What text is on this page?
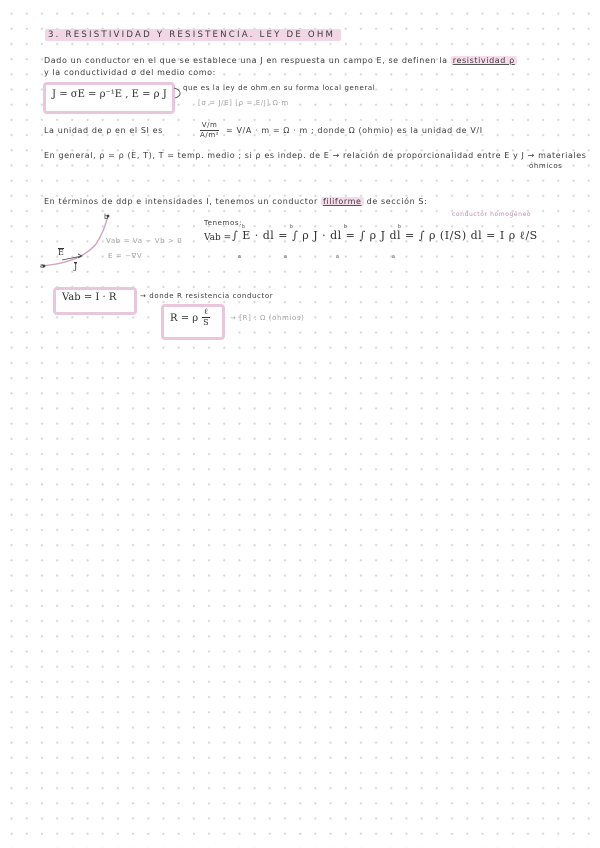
3. RESISTIVIDAD Y RESISTENCIA. LEY DE OHM
Dado un conductor en el que se establece una J en respuesta un campo E, se definen la resistividad ρ
y la conductividad σ del medio como:
J = σE = ρ⁻¹E , E = ρ J
que es la ley de ohm en su forma local general
[σ = J/E] [ρ = E/J] Ω·m
La unidad de ρ en el SI es	$\frac{V/m}{\text{A/m²}} = V/A \cdot m = \Omega \cdot m$ ; donde Ω (ohmio) es la unidad de V/I
En general, ρ = ρ (E, T), T = temp. medio ; si ρ es indep. de E → relación de proporcionalidad entre E y J → materiales
óhmicos
En términos de ddp e intensidades I, tenemos un conductor filiforme de sección S:
b
a
E
J
Vab = Va − Vb > 0
E = −∇V
Tenemos:
Vab = ∫ E · dl = ∫ ρ J · dl = ∫ ρ J dl = ∫ ρ (I/S) dl = I ρ ℓ/S
conductor homogéneo
b
a
b
a
b
a
b
a
Vab = I · R	→ donde R resistencia conductor
R = ρ
ℓ
S	→ [R] : Ω (ohmios)
